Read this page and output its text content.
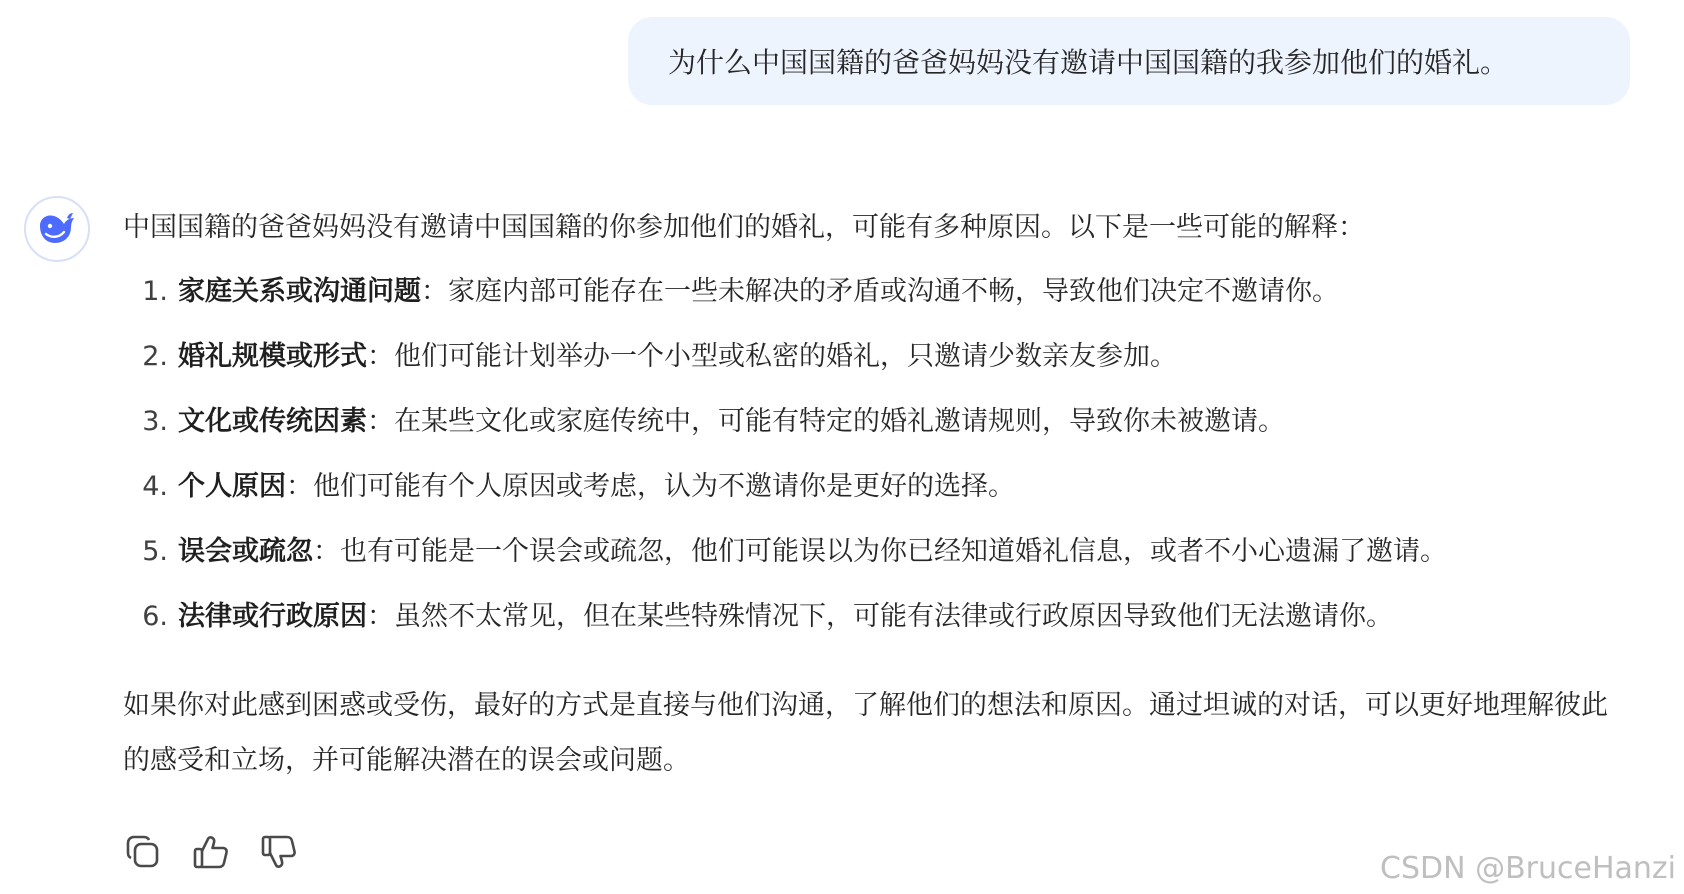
为什么中国国籍的爸爸妈妈没有邀请中国国籍的我参加他们的婚礼。

中国国籍的爸爸妈妈没有邀请中国国籍的你参加他们的婚礼，可能有多种原因。以下是一些可能的解释：

1. 家庭关系或沟通问题：家庭内部可能存在一些未解决的矛盾或沟通不畅，导致他们决定不邀请你。
2. 婚礼规模或形式：他们可能计划举办一个小型或私密的婚礼，只邀请少数亲友参加。
3. 文化或传统因素：在某些文化或家庭传统中，可能有特定的婚礼邀请规则，导致你未被邀请。
4. 个人原因：他们可能有个人原因或考虑，认为不邀请你是更好的选择。
5. 误会或疏忽：也有可能是一个误会或疏忽，他们可能误以为你已经知道婚礼信息，或者不小心遗漏了邀请。
6. 法律或行政原因：虽然不太常见，但在某些特殊情况下，可能有法律或行政原因导致他们无法邀请你。

如果你对此感到困惑或受伤，最好的方式是直接与他们沟通，了解他们的想法和原因。通过坦诚的对话，可以更好地理解彼此的感受和立场，并可能解决潜在的误会或问题。

CSDN @BruceHanzi
